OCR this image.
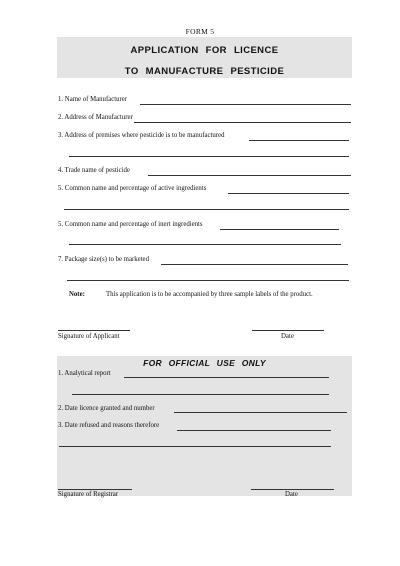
FORM 5
APPLICATION FOR LICENCE
TO MANUFACTURE PESTICIDE
1. Name of Manufacturer
2. Address of Manufacturer
3. Address of premises where pesticide is to be manufactured
4. Trade name of pesticide
5. Common name and percentage of active ingredients
5. Common name and percentage of inert ingredients
7. Package size(s) to be marketed
Note:	This application is to be accompanied by three sample labels of the product.
Signature of Applicant	Date
FOR OFFICIAL USE ONLY
1. Analytical report
2. Date licence granted and number
3. Date refused and reasons therefore
Signature of Registrar	Date
